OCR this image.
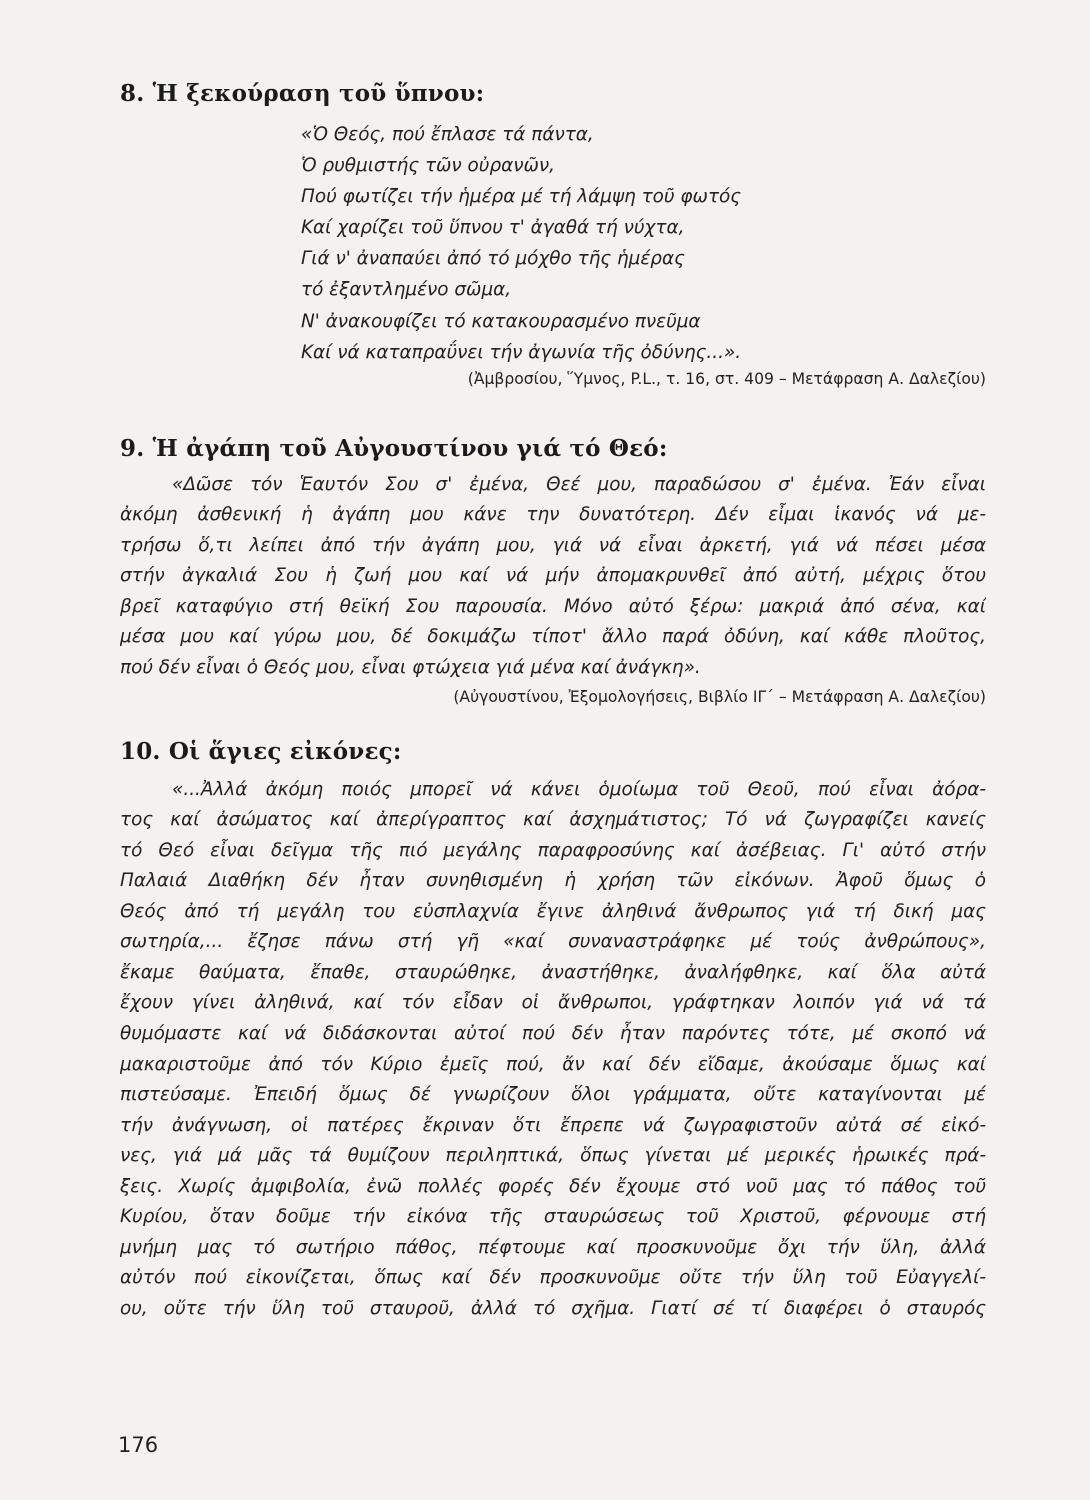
8. Ἡ ξεκούραση τοῦ ὕπνου:
«Ὁ Θεός, πού ἔπλασε τά πάντα,
Ὁ ρυθμιστής τῶν οὐρανῶν,
Πού φωτίζει τήν ἡμέρα μέ τή λάμψη τοῦ φωτός
Καί χαρίζει τοῦ ὕπνου τ' ἀγαθά τή νύχτα,
Γιά ν' ἀναπαύει ἀπό τό μόχθο τῆς ἡμέρας
τό ἐξαντλημένο σῶμα,
Ν' ἀνακουφίζει τό κατακουρασμένο πνεῦμα
Καί νά καταπραΰνει τήν ἀγωνία τῆς ὀδύνης...».
(Ἀμβροσίου, Ὕμνος, P.L., τ. 16, στ. 409 – Μετάφραση Α. Δαλεζίου)
9. Ἡ ἀγάπη τοῦ Αὐγουστίνου γιά τό Θεό:
«Δῶσε τόν Ἑαυτόν Σου σ' ἐμένα, Θεέ μου, παραδώσου σ' ἐμένα. Ἐάν εἶναι
ἀκόμη ἀσθενική ἡ ἀγάπη μου κάνε την δυνατότερη. Δέν εἶμαι ἱκανός νά με-
τρήσω ὅ,τι λείπει ἀπό τήν ἀγάπη μου, γιά νά εἶναι ἀρκετή, γιά νά πέσει μέσα
στήν ἀγκαλιά Σου ἡ ζωή μου καί νά μήν ἀπομακρυνθεῖ ἀπό αὐτή, μέχρις ὅτου
βρεῖ καταφύγιο στή θεϊκή Σου παρουσία. Μόνο αὐτό ξέρω: μακριά ἀπό σένα, καί
μέσα μου καί γύρω μου, δέ δοκιμάζω τίποτ' ἄλλο παρά ὀδύνη, καί κάθε πλοῦτος,
πού δέν εἶναι ὁ Θεός μου, εἶναι φτώχεια γιά μένα καί ἀνάγκη».
(Αὐγουστίνου, Ἐξομολογήσεις, Βιβλίο ΙΓ΄ – Μετάφραση Α. Δαλεζίου)
10. Οἱ ἅγιες εἰκόνες:
«...Ἀλλά ἀκόμη ποιός μπορεῖ νά κάνει ὁμοίωμα τοῦ Θεοῦ, πού εἶναι ἀόρα-
τος καί ἀσώματος καί ἀπερίγραπτος καί ἀσχημάτιστος; Τό νά ζωγραφίζει κανείς
τό Θεό εἶναι δεῖγμα τῆς πιό μεγάλης παραφροσύνης καί ἀσέβειας. Γι' αὐτό στήν
Παλαιά Διαθήκη δέν ἦταν συνηθισμένη ἡ χρήση τῶν εἰκόνων. Ἀφοῦ ὅμως ὁ
Θεός ἀπό τή μεγάλη του εὐσπλαχνία ἔγινε ἀληθινά ἄνθρωπος γιά τή δική μας
σωτηρία,... ἔζησε πάνω στή γῆ «καί συναναστράφηκε μέ τούς ἀνθρώπους»,
ἔκαμε θαύματα, ἔπαθε, σταυρώθηκε, ἀναστήθηκε, ἀναλήφθηκε, καί ὅλα αὐτά
ἔχουν γίνει ἀληθινά, καί τόν εἶδαν οἱ ἄνθρωποι, γράφτηκαν λοιπόν γιά νά τά
θυμόμαστε καί νά διδάσκονται αὐτοί πού δέν ἦταν παρόντες τότε, μέ σκοπό νά
μακαριστοῦμε ἀπό τόν Κύριο ἐμεῖς πού, ἄν καί δέν εἴδαμε, ἀκούσαμε ὅμως καί
πιστεύσαμε. Ἐπειδή ὅμως δέ γνωρίζουν ὅλοι γράμματα, οὔτε καταγίνονται μέ
τήν ἀνάγνωση, οἱ πατέρες ἔκριναν ὅτι ἔπρεπε νά ζωγραφιστοῦν αὐτά σέ εἰκό-
νες, γιά μά μᾶς τά θυμίζουν περιληπτικά, ὅπως γίνεται μέ μερικές ἡρωικές πρά-
ξεις. Χωρίς ἀμφιβολία, ἐνῶ πολλές φορές δέν ἔχουμε στό νοῦ μας τό πάθος τοῦ
Κυρίου, ὅταν δοῦμε τήν εἰκόνα τῆς σταυρώσεως τοῦ Χριστοῦ, φέρνουμε στή
μνήμη μας τό σωτήριο πάθος, πέφτουμε καί προσκυνοῦμε ὄχι τήν ὕλη, ἀλλά
αὐτόν πού εἰκονίζεται, ὅπως καί δέν προσκυνοῦμε οὔτε τήν ὕλη τοῦ Εὐαγγελί-
ου, οὔτε τήν ὕλη τοῦ σταυροῦ, ἀλλά τό σχῆμα. Γιατί σέ τί διαφέρει ὁ σταυρός
176
